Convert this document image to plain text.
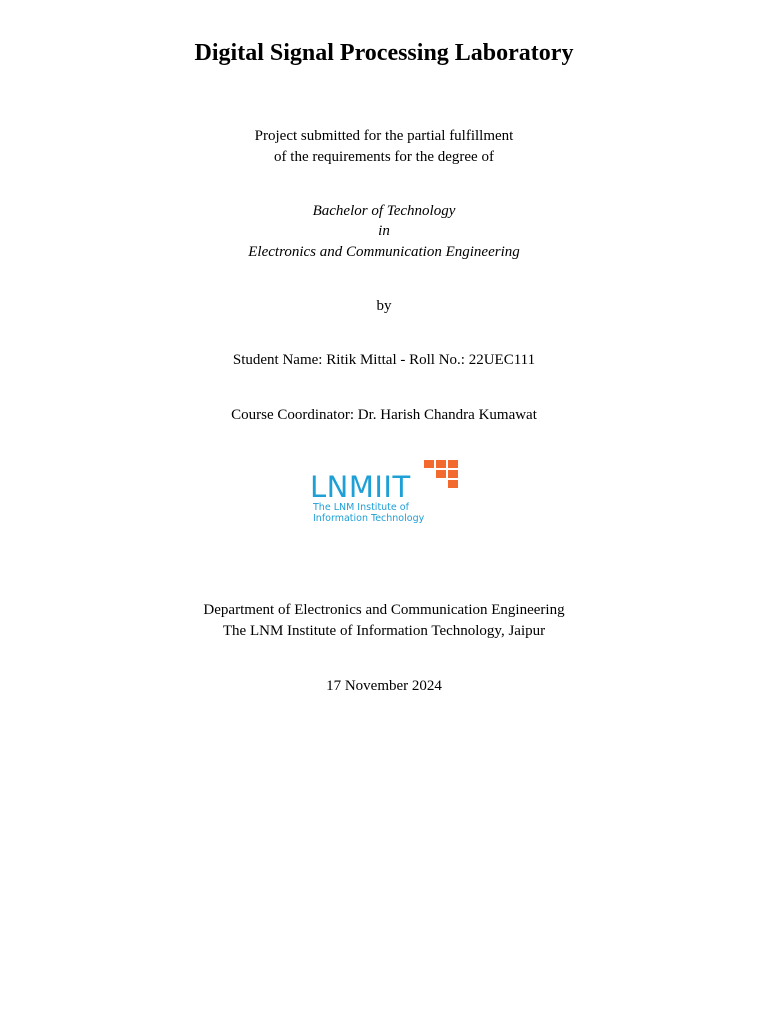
Digital Signal Processing Laboratory
Project submitted for the partial fulfillment
of the requirements for the degree of
Bachelor of Technology
in
Electronics and Communication Engineering
by
Student Name: Ritik Mittal - Roll No.: 22UEC111
Course Coordinator: Dr. Harish Chandra Kumawat
LNMIIT
The LNM Institute of
Information Technology
Department of Electronics and Communication Engineering
The LNM Institute of Information Technology, Jaipur
17 November 2024
